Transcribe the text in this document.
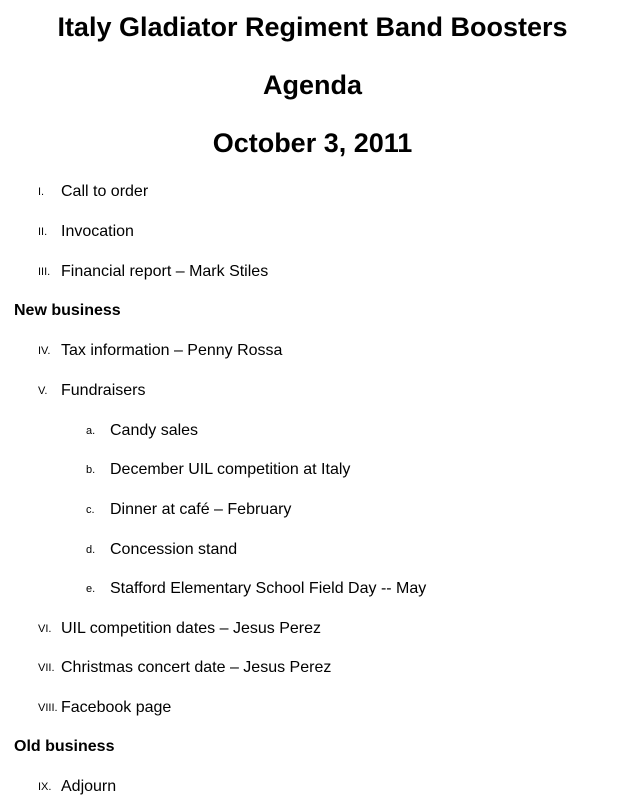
Italy Gladiator Regiment Band Boosters
Agenda
October 3, 2011
I. Call to order
II. Invocation
III. Financial report – Mark Stiles
New business
IV. Tax information – Penny Rossa
V. Fundraisers
a. Candy sales
b. December UIL competition at Italy
c. Dinner at café – February
d. Concession stand
e. Stafford Elementary School Field Day -- May
VI. UIL competition dates – Jesus Perez
VII. Christmas concert date – Jesus Perez
VIII. Facebook page
Old business
IX. Adjourn
